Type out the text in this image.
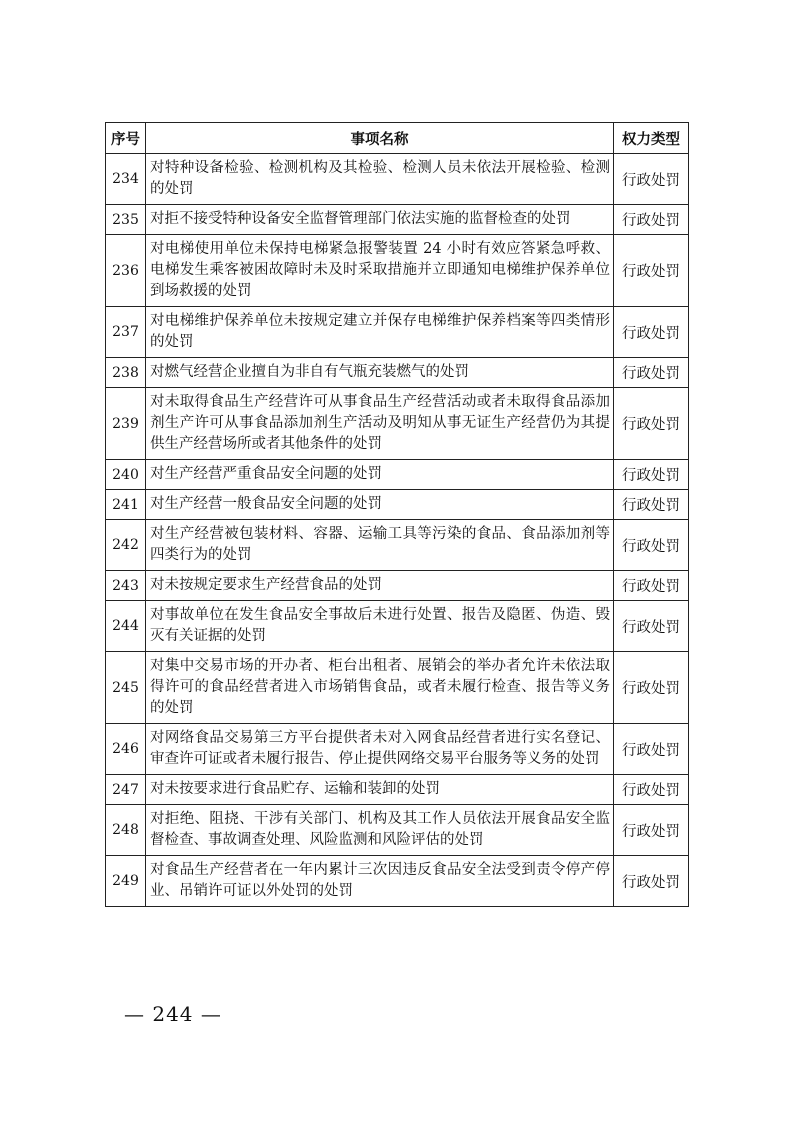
序号	事项名称	权力类型
234	对特种设备检验、检测机构及其检验、检测人员未依法开展检验、检测的处罚	行政处罚
235	对拒不接受特种设备安全监督管理部门依法实施的监督检查的处罚	行政处罚
236	对电梯使用单位未保持电梯紧急报警装置 24 小时有效应答紧急呼救、电梯发生乘客被困故障时未及时采取措施并立即通知电梯维护保养单位到场救援的处罚	行政处罚
237	对电梯维护保养单位未按规定建立并保存电梯维护保养档案等四类情形的处罚	行政处罚
238	对燃气经营企业擅自为非自有气瓶充装燃气的处罚	行政处罚
239	对未取得食品生产经营许可从事食品生产经营活动或者未取得食品添加剂生产许可从事食品添加剂生产活动及明知从事无证生产经营仍为其提供生产经营场所或者其他条件的处罚	行政处罚
240	对生产经营严重食品安全问题的处罚	行政处罚
241	对生产经营一般食品安全问题的处罚	行政处罚
242	对生产经营被包装材料、容器、运输工具等污染的食品、食品添加剂等四类行为的处罚	行政处罚
243	对未按规定要求生产经营食品的处罚	行政处罚
244	对事故单位在发生食品安全事故后未进行处置、报告及隐匿、伪造、毁灭有关证据的处罚	行政处罚
245	对集中交易市场的开办者、柜台出租者、展销会的举办者允许未依法取得许可的食品经营者进入市场销售食品，或者未履行检查、报告等义务的处罚	行政处罚
246	对网络食品交易第三方平台提供者未对入网食品经营者进行实名登记、审查许可证或者未履行报告、停止提供网络交易平台服务等义务的处罚	行政处罚
247	对未按要求进行食品贮存、运输和装卸的处罚	行政处罚
248	对拒绝、阻挠、干涉有关部门、机构及其工作人员依法开展食品安全监督检查、事故调查处理、风险监测和风险评估的处罚	行政处罚
249	对食品生产经营者在一年内累计三次因违反食品安全法受到责令停产停业、吊销许可证以外处罚的处罚	行政处罚
— 244 —
